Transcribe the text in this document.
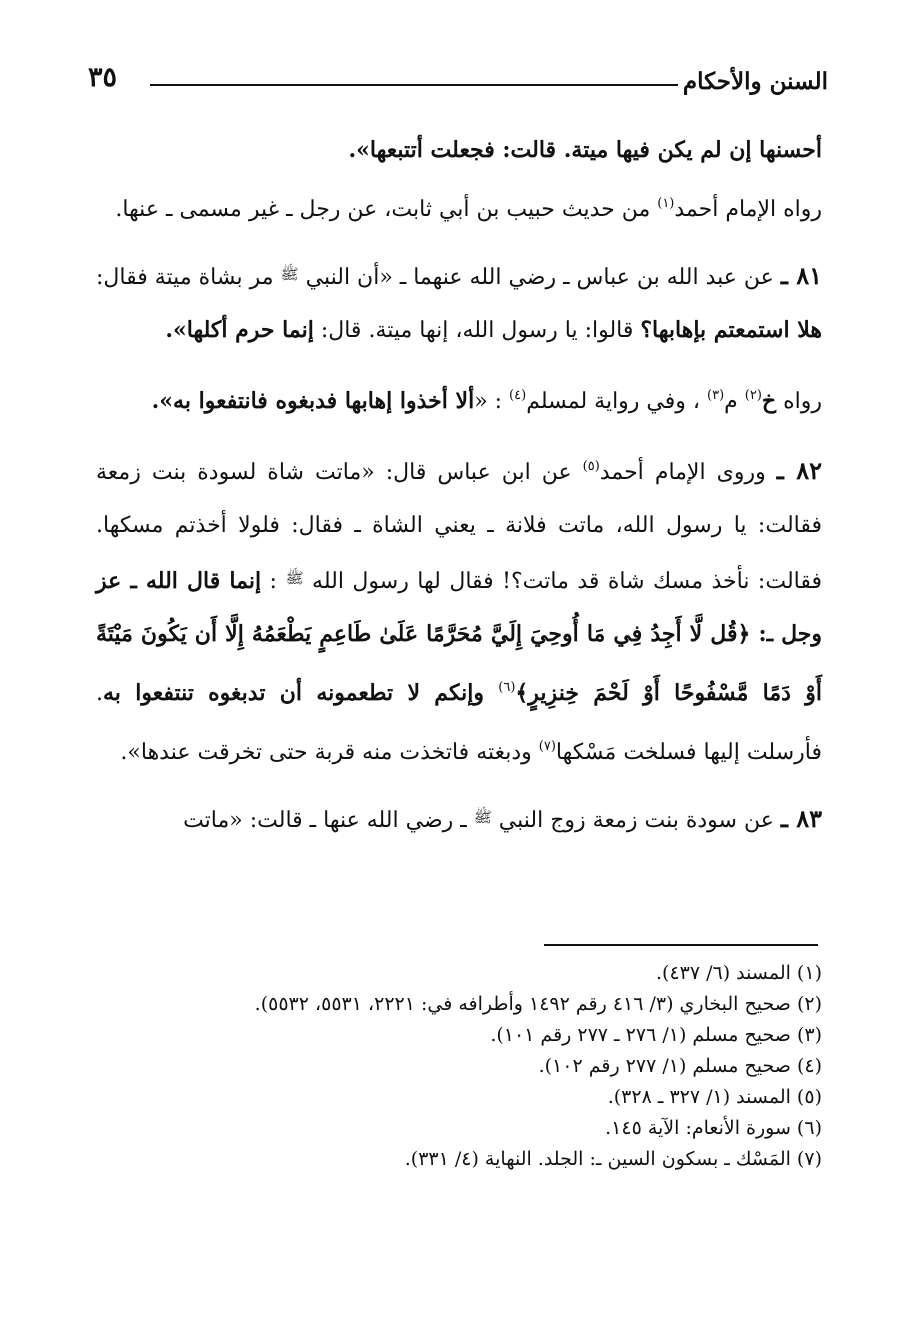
السنن والأحكام
٣٥

أحسنها إن لم يكن فيها ميتة. قالت: فجعلت أتتبعها».

رواه الإمام أحمد$^{(١)}$ من حديث حبيب بن أبي ثابت، عن رجل ـ غير مسمى ـ عنها.

٨١ ـ عن عبد الله بن عباس ـ رضي الله عنهما ـ «أن النبي $^ﷺ$ مر بشاة ميتة فقال: هلا استمعتم بإهابها؟ قالوا: يا رسول الله، إنها ميتة. قال: إنما حرم أكلها».

رواه خ$^{(٢)}$ م$^{(٣)}$ ، وفي رواية لمسلم$^{(٤)}$ : «ألا أخذوا إهابها فدبغوه فانتفعوا به».

٨٢ ـ وروى الإمام أحمد$^{(٥)}$ عن ابن عباس قال: «ماتت شاة لسودة بنت زمعة فقالت: يا رسول الله، ماتت فلانة ـ يعني الشاة ـ فقال: فلولا أخذتم مسكها. فقالت: نأخذ مسك شاة قد ماتت؟! فقال لها رسول الله $^ﷺ$ : إنما قال الله ـ عز وجل ـ: ﴿قُل لَّا أَجِدُ فِي مَا أُوحِيَ إِلَيَّ مُحَرَّمًا عَلَىٰ طَاعِمٍ يَطْعَمُهُ إِلَّا أَن يَكُونَ مَيْتَةً أَوْ دَمًا مَّسْفُوحًا أَوْ لَحْمَ خِنزِيرٍ﴾$^{(٦)}$ وإنكم لا تطعمونه أن تدبغوه تنتفعوا به. فأرسلت إليها فسلخت مَسْكها$^{(٧)}$ ودبغته فاتخذت منه قربة حتى تخرقت عندها».

٨٣ ـ عن سودة بنت زمعة زوج النبي $^ﷺ$ ـ رضي الله عنها ـ قالت: «ماتت

(١) المسند (٦/ ٤٣٧).

(٢) صحيح البخاري (٣/ ٤١٦ رقم ١٤٩٢ وأطرافه في: ٢٢٢١، ٥٥٣١، ٥٥٣٢).

(٣) صحيح مسلم (١/ ٢٧٦ ـ ٢٧٧ رقم ١٠١).

(٤) صحيح مسلم (١/ ٢٧٧ رقم ١٠٢).

(٥) المسند (١/ ٣٢٧ ـ ٣٢٨).

(٦) سورة الأنعام: الآية ١٤٥.

(٧) المَسْك ـ بسكون السين ـ: الجلد. النهاية (٤/ ٣٣١).
